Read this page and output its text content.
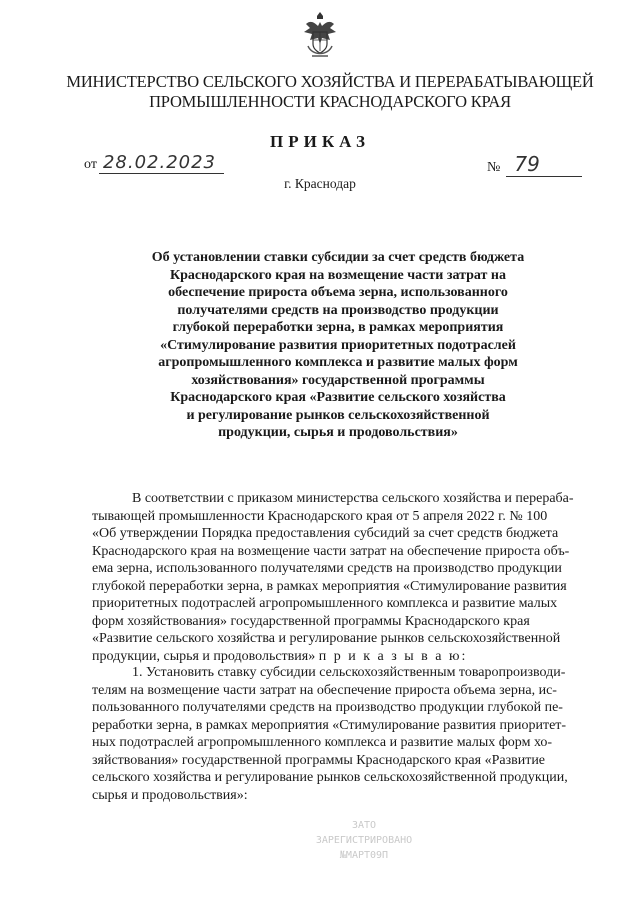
МИНИСТЕРСТВО СЕЛЬСКОГО ХОЗЯЙСТВА И ПЕРЕРАБАТЫВАЮЩЕЙ
ПРОМЫШЛЕННОСТИ КРАСНОДАРСКОГО КРАЯ
ПРИКАЗ
от 28.02.2023	№ 79
г. Краснодар
Об установлении ставки субсидии за счет средств бюджета
Краснодарского края на возмещение части затрат на
обеспечение прироста объема зерна, использованного
получателями средств на производство продукции
глубокой переработки зерна, в рамках мероприятия
«Стимулирование развития приоритетных подотраслей
агропромышленного комплекса и развитие малых форм
хозяйствования» государственной программы
Краснодарского края «Развитие сельского хозяйства
и регулирование рынков сельскохозяйственной
продукции, сырья и продовольствия»
В соответствии с приказом министерства сельского хозяйства и перераба-
тывающей промышленности Краснодарского края от 5 апреля 2022 г. № 100
«Об утверждении Порядка предоставления субсидий за счет средств бюджета
Краснодарского края на возмещение части затрат на обеспечение прироста объ-
ема зерна, использованного получателями средств на производство продукции
глубокой переработки зерна, в рамках мероприятия «Стимулирование развития
приоритетных подотраслей агропромышленного комплекса и развитие малых
форм хозяйствования» государственной программы Краснодарского края
«Развитие сельского хозяйства и регулирование рынков сельскохозяйственной
продукции, сырья и продовольствия» п р и к а з ы в а ю:
1. Установить ставку субсидии сельскохозяйственным товаропроизводи-
телям на возмещение части затрат на обеспечение прироста объема зерна, ис-
пользованного получателями средств на производство продукции глубокой пе-
реработки зерна, в рамках мероприятия «Стимулирование развития приоритет-
ных подотраслей агропромышленного комплекса и развитие малых форм хо-
зяйствования» государственной программы Краснодарского края «Развитие
сельского хозяйства и регулирование рынков сельскохозяйственной продукции,
сырья и продовольствия»:
ЗАТО
ЗАРЕГИСТРИРОВАНО
№МАРТ09П
